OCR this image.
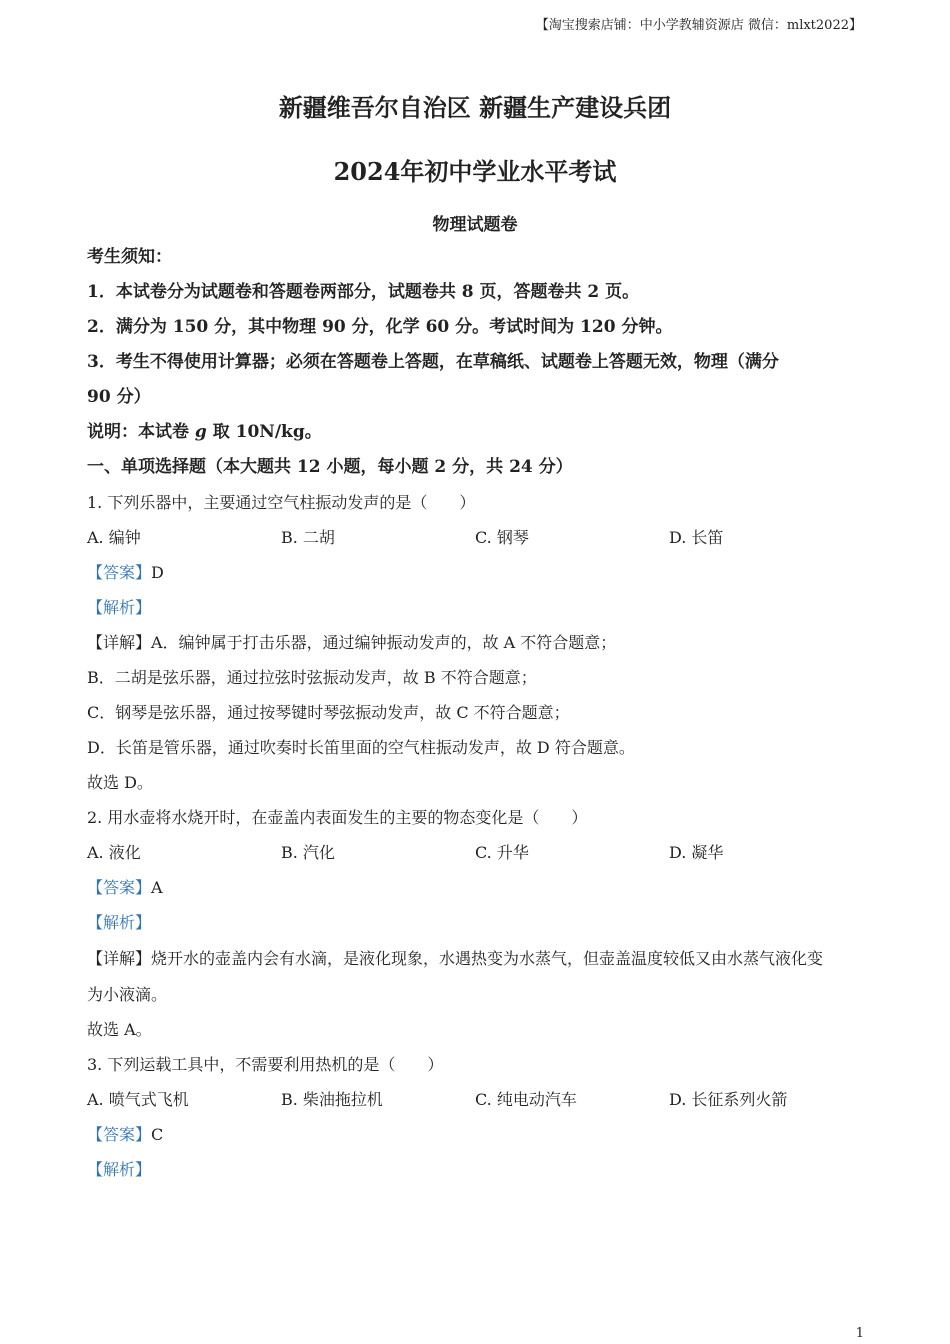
【淘宝搜索店铺：中小学教辅资源店 微信：mlxt2022】
新疆维吾尔自治区 新疆生产建设兵团
2024年初中学业水平考试
物理试题卷
考生须知：
1．本试卷分为试题卷和答题卷两部分，试题卷共 8 页，答题卷共 2 页。
2．满分为 150 分，其中物理 90 分，化学 60 分。考试时间为 120 分钟。
3．考生不得使用计算器；必须在答题卷上答题，在草稿纸、试题卷上答题无效，物理（满分
90 分）
说明：本试卷 g 取 10N/kg。
一、单项选择题（本大题共 12 小题，每小题 2 分，共 24 分）
1. 下列乐器中，主要通过空气柱振动发声的是（　　）
A. 编钟	B. 二胡	C. 钢琴	D. 长笛
【答案】D
【解析】
【详解】A．编钟属于打击乐器，通过编钟振动发声的，故 A 不符合题意；
B．二胡是弦乐器，通过拉弦时弦振动发声，故 B 不符合题意；
C．钢琴是弦乐器，通过按琴键时琴弦振动发声，故 C 不符合题意；
D．长笛是管乐器，通过吹奏时长笛里面的空气柱振动发声，故 D 符合题意。
故选 D。
2. 用水壶将水烧开时，在壶盖内表面发生的主要的物态变化是（　　）
A. 液化	B. 汽化	C. 升华	D. 凝华
【答案】A
【解析】
【详解】烧开水的壶盖内会有水滴，是液化现象，水遇热变为水蒸气，但壶盖温度较低又由水蒸气液化变
为小液滴。
故选 A。
3. 下列运载工具中，不需要利用热机的是（　　）
A. 喷气式飞机	B. 柴油拖拉机	C. 纯电动汽车	D. 长征系列火箭
【答案】C
【解析】
1
